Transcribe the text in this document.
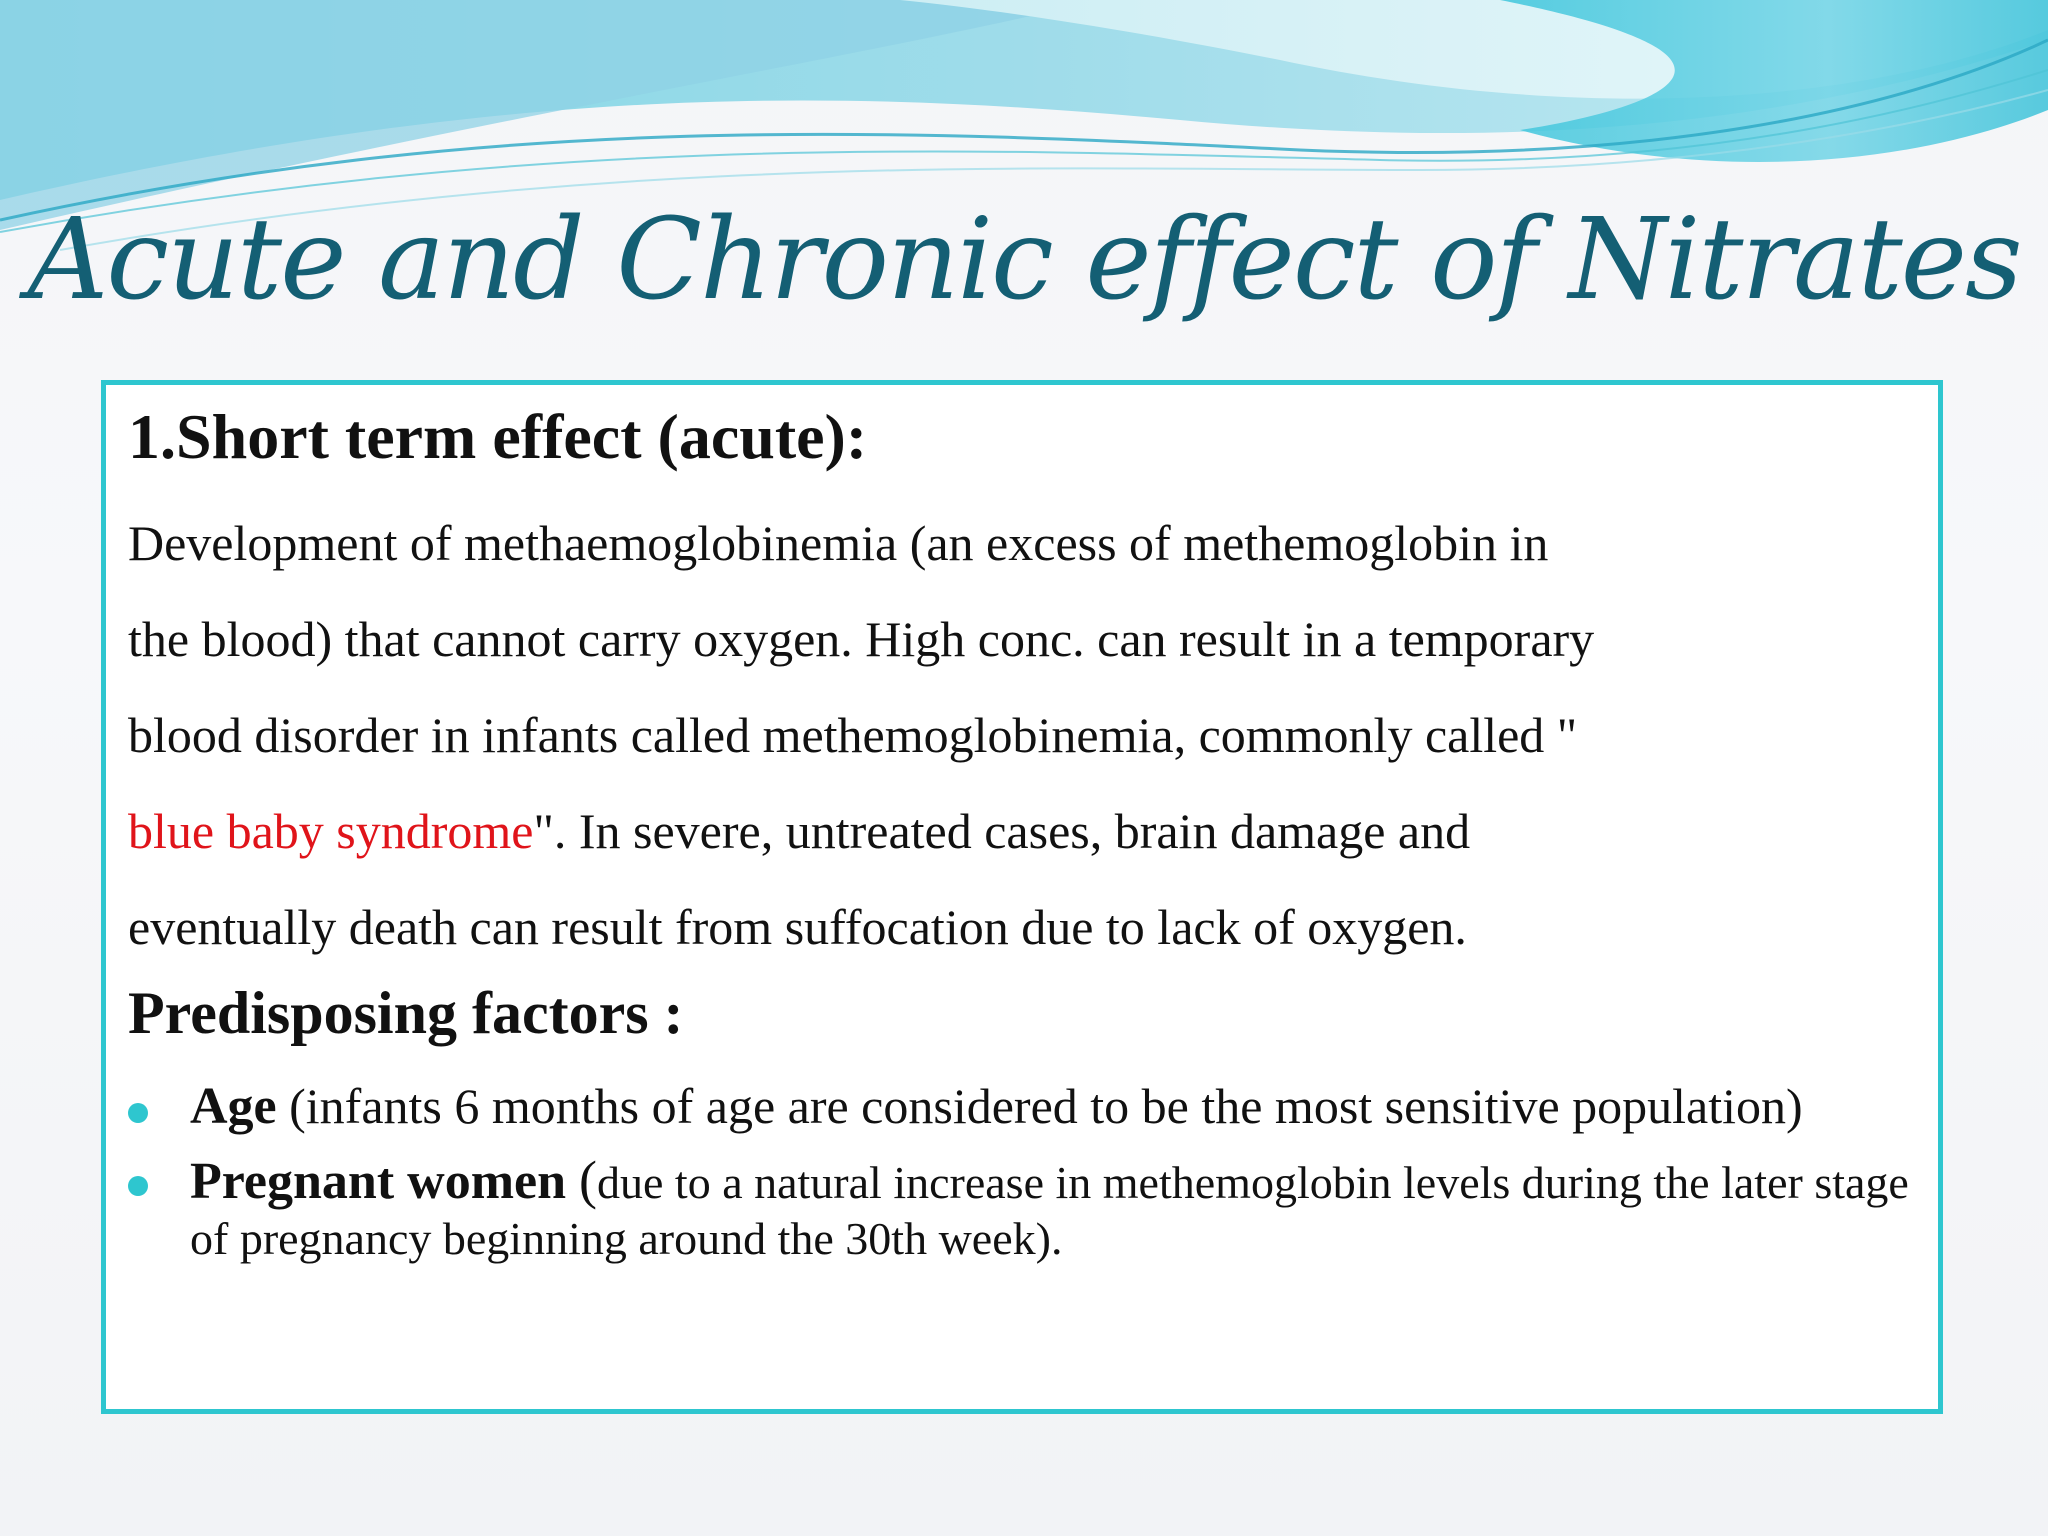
Acute and Chronic effect of Nitrates
1.Short term effect (acute):
Development of methaemoglobinemia (an excess of methemoglobin in
the blood) that cannot carry oxygen. High conc. can result in a temporary
blood disorder in infants called methemoglobinemia, commonly called "
blue baby syndrome". In severe, untreated cases, brain damage and
eventually death can result from suffocation due to lack of oxygen.
Predisposing factors :
Age (infants 6 months of age are considered to be the most sensitive population)
Pregnant women (due to a natural increase in methemoglobin levels during the later stage of pregnancy beginning around the 30th week).
